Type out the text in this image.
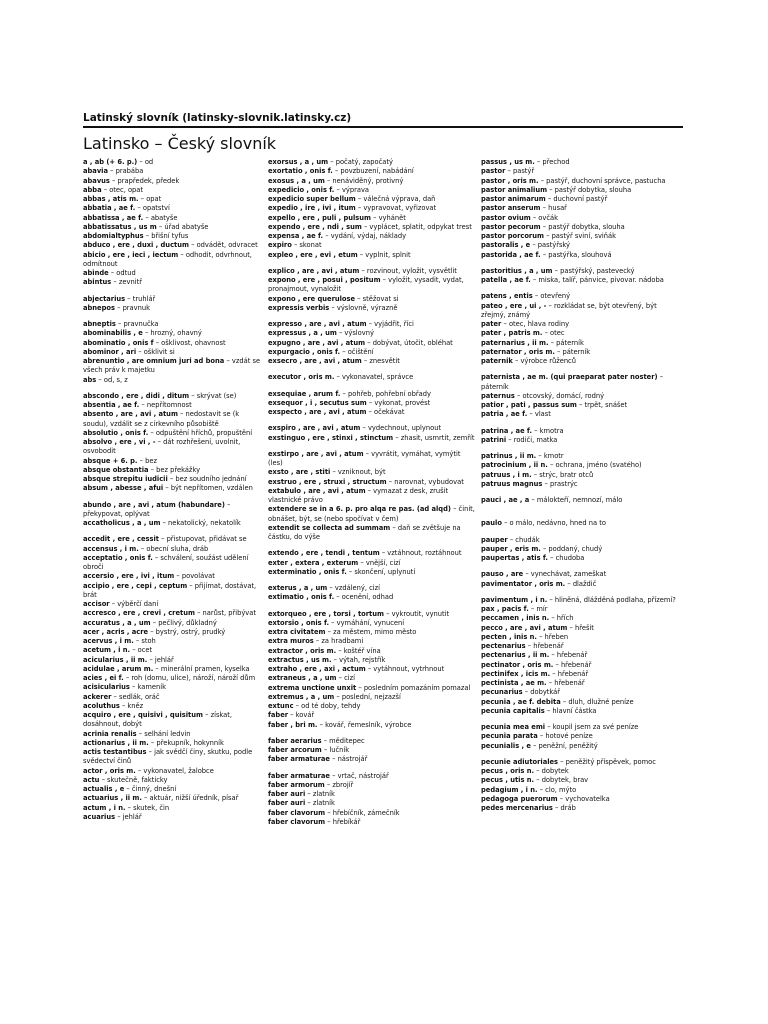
Latinský slovník (latinsky-slovnik.latinsky.cz)
Latinsko – Český slovník
a , ab (+ 6. p.) – od
abavia – prabába
abavus – prapředek, předek
abba – otec, opat
abbas , atis m. – opat
abbatia , ae f. – opatství
abbatissa , ae f. – abatyše
abbatissatus , us m – úřad abatyše
abdomialtyphus – břišní tyfus
abduco , ere , duxi , ductum – odvádět, odvracet
abicio , ere , ieci , iectum – odhodit, odvrhnout, odmítnout
abinde – odtud
abintus – zevnitř
abjectarius – truhlář
abnepos – pravnuk
abneptis – pravnučka
abominabilis , e – hrozný, ohavný
abominatio , onis f – ošklivost, ohavnost
abominor , ari – ošklivit si
abrenuntio , are omnium juri ad bona – vzdát se všech práv k majetku
abs – od, s, z
abscondo , ere , didi , ditum – skrývat (se)
absentia , ae f. – nepřítomnost
absento , are , avi , atum – nedostavit se (k soudu), vzdálit se z církevního působiště
absolutio , onis f. – odpuštění hříchů, propuštění
absolvo , ere , vi , - – dát rozhřešení, uvolnit, osvobodit
absque + 6. p. – bez
absque obstantia – bez překážky
absque strepitu iudicii – bez soudního jednání
absum , abesse , afui – být nepřítomen, vzdálen
abundo , are , avi , atum (habundare) – překypovat, oplývat
accatholicus , a , um – nekatolický, nekatolík
accedit , ere , cessit – přistupovat, přidávat se
accensus , i m. – obecní sluha, dráb
acceptatio , onis f. – schválení, soužást udělení obroči
accersio , ere , ivi , itum – povolávat
accipio , ere , cepi , ceptum – přijímat, dostávat, brát
accisor – výběrčí daní
accresco , ere , crevi , cretum – narůst, přibývat
accuratus , a , um – pečlivý, důkladný
acer , acris , acre – bystrý, ostrý, prudký
acervus , i m. – stoh
acetum , i n. – ocet
acicularius , ii m. – jehlář
acidulae , arum m. – minerální pramen, kyselka
acies , ei f. – roh (domu, ulice), nároží, nároží dům
acisicularius – kameník
ackerer – sedlák, oráč
acoluthus – kněz
acquiro , ere , quisivi , quisitum – získat, dosáhnout, dobýt
acrinia renalis – selhání ledvin
actionarius , ii m. – překupník, hokynník
actis testantibus – jak svědčí činy, skutku, podle svědectví činů
actor , oris m. – vykonavatel, žalobce
actu – skutečně, fakticky
actualis , e – činný, dnešní
actuarius , ii m. – aktuár, nižší úředník, písař
actum , i n. – skutek, čin
acuarius – jehlář
exorsus , a , um – počatý, započatý
exortatio , onis f. – povzbuzení, nabádání
exosus , a , um – nenáviděný, protivný
expedicio , onis f. – výprava
expedicio super bellum – válečná výprava, daň
expedio , ire , ivi , itum – vypravovat, vyřizovat
expello , ere , puli , pulsum – vyhánět
expendo , ere , ndi , sum – vyplácet, splatit, odpykat trest
expensa , ae f. – vydání, výdaj, náklady
expiro – skonat
expleo , ere , evi , etum – vyplnit, splnit
explico , are , avi , atum – rozvinout, vyložit, vysvětlit
expono , ere , posui , positum – vyložit, vysadit, vydat, pronajmout, vynaložit
expono , ere querulose – stěžovat si
expressis verbis – výslovně, výrazně
expresso , are , avi , atum – vyjádřit, říci
expressus , a , um – výslovný
expugno , are , avi , atum – dobývat, útočit, obléhat
expurgacio , onis f. – očištění
exsecro , are , avi , atum – znesvětit
executor , oris m. – vykonavatel, správce
exsequiae , arum f. – pohřeb, pohřební obřady
exsequor , i , secutus sum – vykonat, provést
exspecto , are , avi , atum – očekávat
exspiro , are , avi , atum – vydechnout, uplynout
exstinguo , ere , stinxi , stinctum – zhasit, usmrtit, zemřít
exstirpo , are , avi , atum – vyvrátit, vymáhat, vymýtit (les)
exsto , are , stiti – vzniknout, být
exstruo , ere , struxi , structum – narovnat, vybudovat
extabulo , are , avi , atum – vymazat z desk, zrušit vlastnické právo
extendere se in a 6. p. pro alqa re pas. (ad alqd) – činit, obnášet, být, se (nebo spočívat v čem)
extendit se collecta ad summam – daň se zvětšuje na částku, do výše
extendo , ere , tendi , tentum – vztáhnout, roztáhnout
exter , extera , exterum – vnější, cizí
exterminatio , onis f. – skončení, uplynutí
exterus , a , um – vzdálený, cizí
extimatio , onis f. – ocenění, odhad
extorqueo , ere , torsi , tortum – vykroutit, vynutit
extorsio , onis f. – vymáhání, vynucení
extra civitatem – za městem, mimo město
extra muros – za hradbami
extractor , oris m. – koštéř vína
extractus , us m. – výtah, rejstřík
extraho , ere , axi , actum – vytáhnout, vytrhnout
extraneus , a , um – cizí
extrema unctione unxit – posledním pomazáním pomazal
extremus , a , um – poslední, nejzazší
extunc – od té doby, tehdy
faber – kovář
faber , bri m. – kovář, řemeslník, výrobce
faber aerarius – měditepec
faber arcorum – lučník
faber armaturae – nástrojář
faber armaturae – vrtač, nástrojář
faber armorum – zbrojíř
faber auri – zlatník
faber auri – zlatník
faber clavorum – hřebíčník, zámečník
faber clavorum – hřebíkář
passus , us m. – přechod
pastor – pastýř
pastor , oris m. – pastýř, duchovní správce, pastucha
pastor animalium – pastýř dobytka, slouha
pastor animarum – duchovní pastýř
pastor anserum – husař
pastor ovium – ovčák
pastor pecorum – pastýř dobytka, slouha
pastor porcorum – pastýř sviní, sviňák
pastoralis , e – pastýřský
pastorida , ae f. – pastýřka, slouhová
pastoritius , a , um – pastýřský, pastevecký
patella , ae f. – miska, talíř, pánvice, pivovar. nádoba
patens , entis – otevřený
pateo , ere , ui , - – rozkládat se, být otevřený, být zřejmý, známý
pater – otec, hlava rodiny
pater , patris m. – otec
paternarius , ii m. – páterník
paternator , oris m. – páterník
paternik – výrobce růženců
paternista , ae m. (qui praeparat pater noster) – páterník
paternus – otcovský, domácí, rodný
patior , pati , passus sum – trpět, snášet
patria , ae f. – vlast
patrina , ae f. – kmotra
patrini – rodiči, matka
patrinus , ii m. – kmotr
patrocinium , ii n. – ochrana, jméno (svatého)
patruus , i m. – strýc, bratr otců
patruus magnus – prastrýc
pauci , ae , a – málokteří, nemnozí, málo
paulo – o málo, nedávno, hned na to
pauper – chudák
pauper , eris m. – poddaný, chudý
paupertas , atis f. – chudoba
pauso , are – vynechávat, zameškat
pavimentator , oris m. – dlaždič
pavimentum , i n. – hliněná, dlážděná podlaha, přízemí?
pax , pacis f. – mír
peccamen , inis n. – hřích
pecco , are , avi , atum – hřešit
pecten , inis n. – hřeben
pectenarius – hřebenář
pectenarius , ii m. – hřebenář
pectinator , oris m. – hřebenář
pectinifex , icis m. – hřebenář
pectinista , ae m. – hřebenář
pecunarius – dobytkář
pecunia , ae f. debita – dluh, dlužné peníze
pecunia capitalis – hlavní částka
pecunia mea emi – koupil jsem za své peníze
pecunia parata – hotové peníze
pecunialis , e – peněžní, peněžitý
pecunie adiutoriales – peněžitý příspěvek, pomoc
pecus , oris n. – dobytek
pecus , utis n. – dobytek, brav
pedagium , i n. – clo, mýto
pedagoga puerorum – vychovatelka
pedes mercenarius – dráb
